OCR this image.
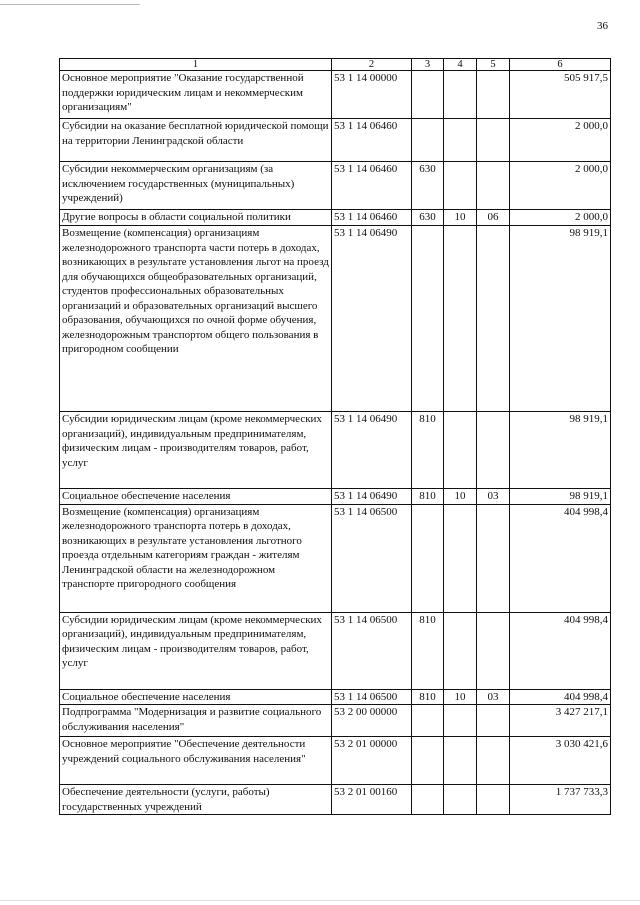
36
1	2	3	4	5	6
Основное мероприятие "Оказание государственной поддержки юридическим лицам и некоммерческим организациям"	53 1 14 00000				505 917,5
Субсидии на оказание бесплатной юридической помощи на территории Ленинградской области	53 1 14 06460				2 000,0
Субсидии некоммерческим организациям (за исключением государственных (муниципальных) учреждений)	53 1 14 06460	630			2 000,0
Другие вопросы в области социальной политики	53 1 14 06460	630	10	06	2 000,0
Возмещение (компенсация) организациям железнодорожного транспорта части потерь в доходах, возникающих в результате установления льгот на проезд для обучающихся общеобразовательных организаций, студентов профессиональных образовательных организаций и образовательных организаций высшего образования, обучающихся по очной форме обучения, железнодорожным транспортом общего пользования в пригородном сообщении	53 1 14 06490				98 919,1
Субсидии юридическим лицам (кроме некоммерческих организаций), индивидуальным предпринимателям, физическим лицам - производителям товаров, работ, услуг	53 1 14 06490	810			98 919,1
Социальное обеспечение населения	53 1 14 06490	810	10	03	98 919,1
Возмещение (компенсация) организациям железнодорожного транспорта потерь в доходах, возникающих в результате установления льготного проезда отдельным категориям граждан - жителям Ленинградской области на железнодорожном транспорте пригородного сообщения	53 1 14 06500				404 998,4
Субсидии юридическим лицам (кроме некоммерческих организаций), индивидуальным предпринимателям, физическим лицам - производителям товаров, работ, услуг	53 1 14 06500	810			404 998,4
Социальное обеспечение населения	53 1 14 06500	810	10	03	404 998,4
Подпрограмма "Модернизация и развитие социального обслуживания населения"	53 2 00 00000				3 427 217,1
Основное мероприятие "Обеспечение деятельности учреждений социального обслуживания населения"	53 2 01 00000				3 030 421,6
Обеспечение деятельности (услуги, работы) государственных учреждений	53 2 01 00160				1 737 733,3
